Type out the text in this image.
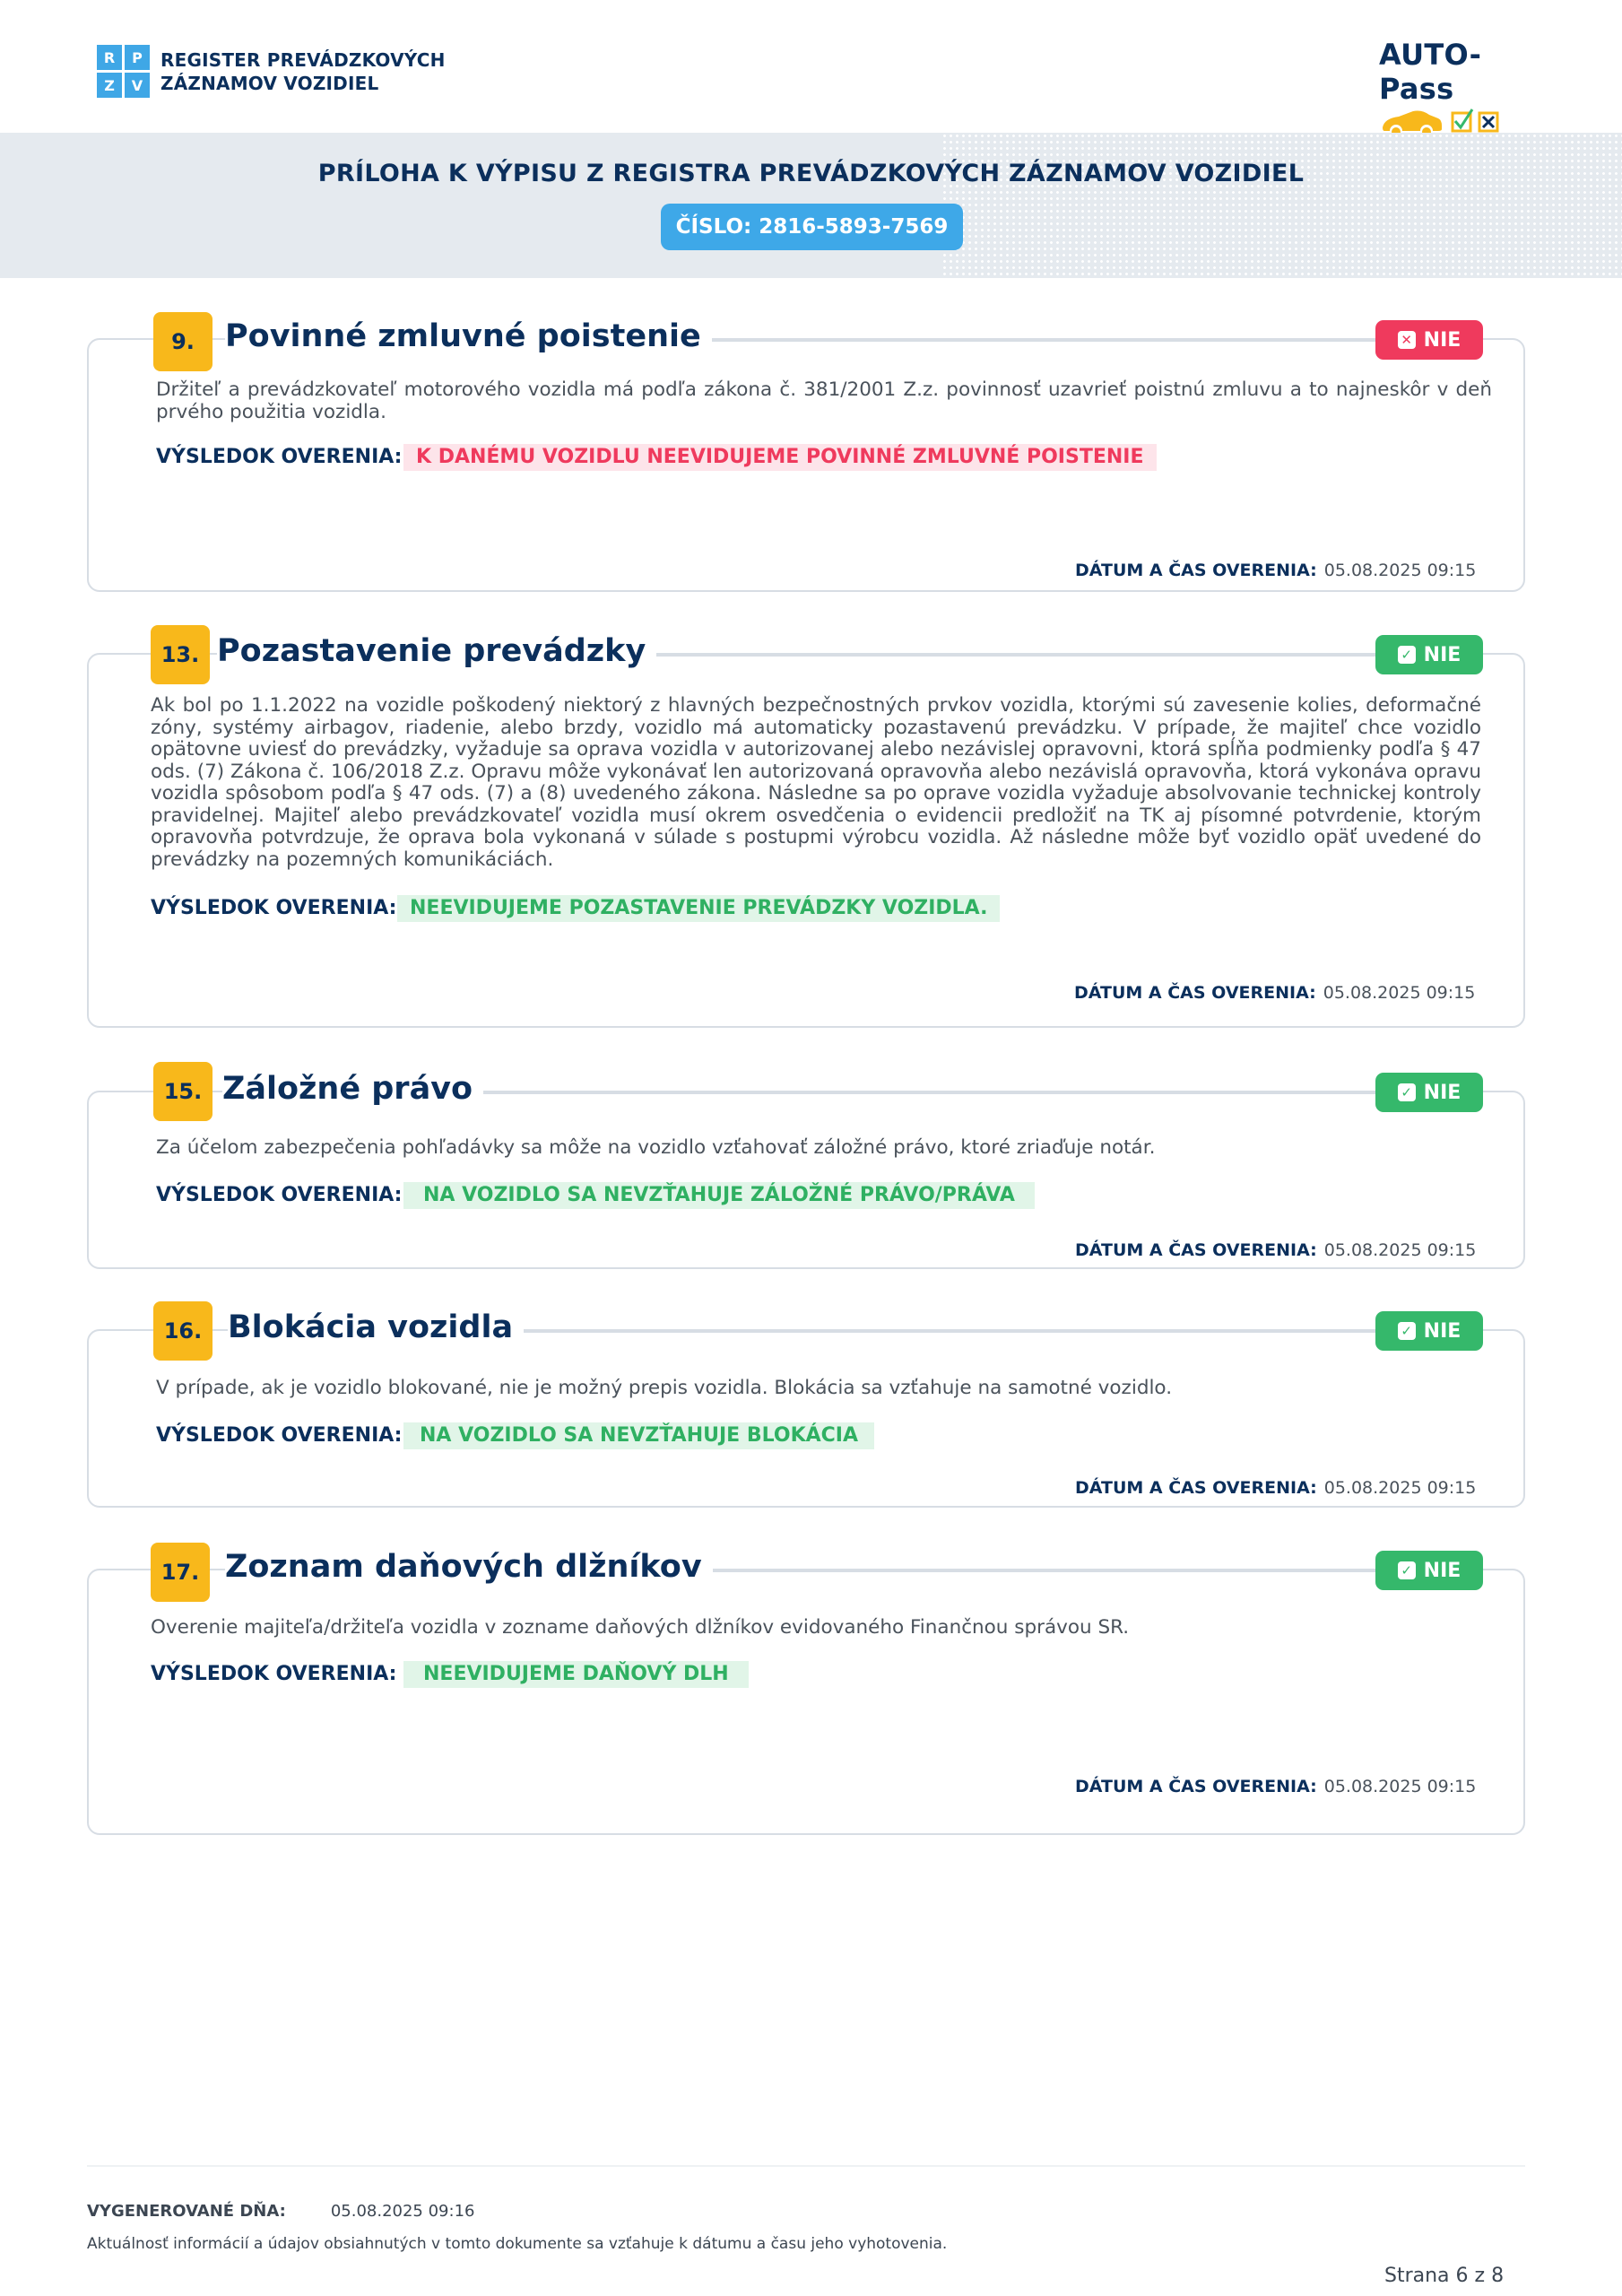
R	P
Z	V
REGISTER PREVÁDZKOVÝCH
ZÁZNAMOV VOZIDIEL
AUTO-Pass
PRÍLOHA K VÝPISU Z REGISTRA PREVÁDZKOVÝCH ZÁZNAMOV VOZIDIEL
ČÍSLO: 2816-5893-7569
9. Povinné zmluvné poistenie	✕ NIE
Držiteľ a prevádzkovateľ motorového vozidla má podľa zákona č. 381/2001 Z.z. povinnosť uzavrieť poistnú zmluvu a to najneskôr v deň prvého použitia vozidla.
VÝSLEDOK OVERENIA: K DANÉMU VOZIDLU NEEVIDUJEME POVINNÉ ZMLUVNÉ POISTENIE
DÁTUM A ČAS OVERENIA: 05.08.2025 09:15
13. Pozastavenie prevádzky	✓ NIE
Ak bol po 1.1.2022 na vozidle poškodený niektorý z hlavných bezpečnostných prvkov vozidla, ktorými sú zavesenie kolies, deformačné zóny, systémy airbagov, riadenie, alebo brzdy, vozidlo má automaticky pozastavenú prevádzku. V prípade, že majiteľ chce vozidlo opätovne uviesť do prevádzky, vyžaduje sa oprava vozidla v autorizovanej alebo nezávislej opravovni, ktorá spĺňa podmienky podľa § 47 ods. (7) Zákona č. 106/2018 Z.z. Opravu môže vykonávať len autorizovaná opravovňa alebo nezávislá opravovňa, ktorá vykonáva opravu vozidla spôsobom podľa § 47 ods. (7) a (8) uvedeného zákona. Následne sa po oprave vozidla vyžaduje absolvovanie technickej kontroly pravidelnej. Majiteľ alebo prevádzkovateľ vozidla musí okrem osvedčenia o evidencii predložiť na TK aj písomné potvrdenie, ktorým opravovňa potvrdzuje, že oprava bola vykonaná v súlade s postupmi výrobcu vozidla. Až následne môže byť vozidlo opäť uvedené do prevádzky na pozemných komunikáciách.
VÝSLEDOK OVERENIA: NEEVIDUJEME POZASTAVENIE PREVÁDZKY VOZIDLA.
DÁTUM A ČAS OVERENIA: 05.08.2025 09:15
15. Záložné právo	✓ NIE
Za účelom zabezpečenia pohľadávky sa môže na vozidlo vzťahovať záložné právo, ktoré zriaďuje notár.
VÝSLEDOK OVERENIA:	NA VOZIDLO SA NEVZŤAHUJE ZÁLOŽNÉ PRÁVO/PRÁVA
DÁTUM A ČAS OVERENIA: 05.08.2025 09:15
16. Blokácia vozidla	✓ NIE
V prípade, ak je vozidlo blokované, nie je možný prepis vozidla. Blokácia sa vzťahuje na samotné vozidlo.
VÝSLEDOK OVERENIA: NA VOZIDLO SA NEVZŤAHUJE BLOKÁCIA
DÁTUM A ČAS OVERENIA: 05.08.2025 09:15
17. Zoznam daňových dlžníkov	✓ NIE
Overenie majiteľa/držiteľa vozidla v zozname daňových dlžníkov evidovaného Finančnou správou SR.
VÝSLEDOK OVERENIA:	NEEVIDUJEME DAŇOVÝ DLH
DÁTUM A ČAS OVERENIA: 05.08.2025 09:15
VYGENEROVANÉ DŇA:	05.08.2025 09:16
Aktuálnosť informácií a údajov obsiahnutých v tomto dokumente sa vzťahuje k dátumu a času jeho vyhotovenia.
Strana 6 z 8
